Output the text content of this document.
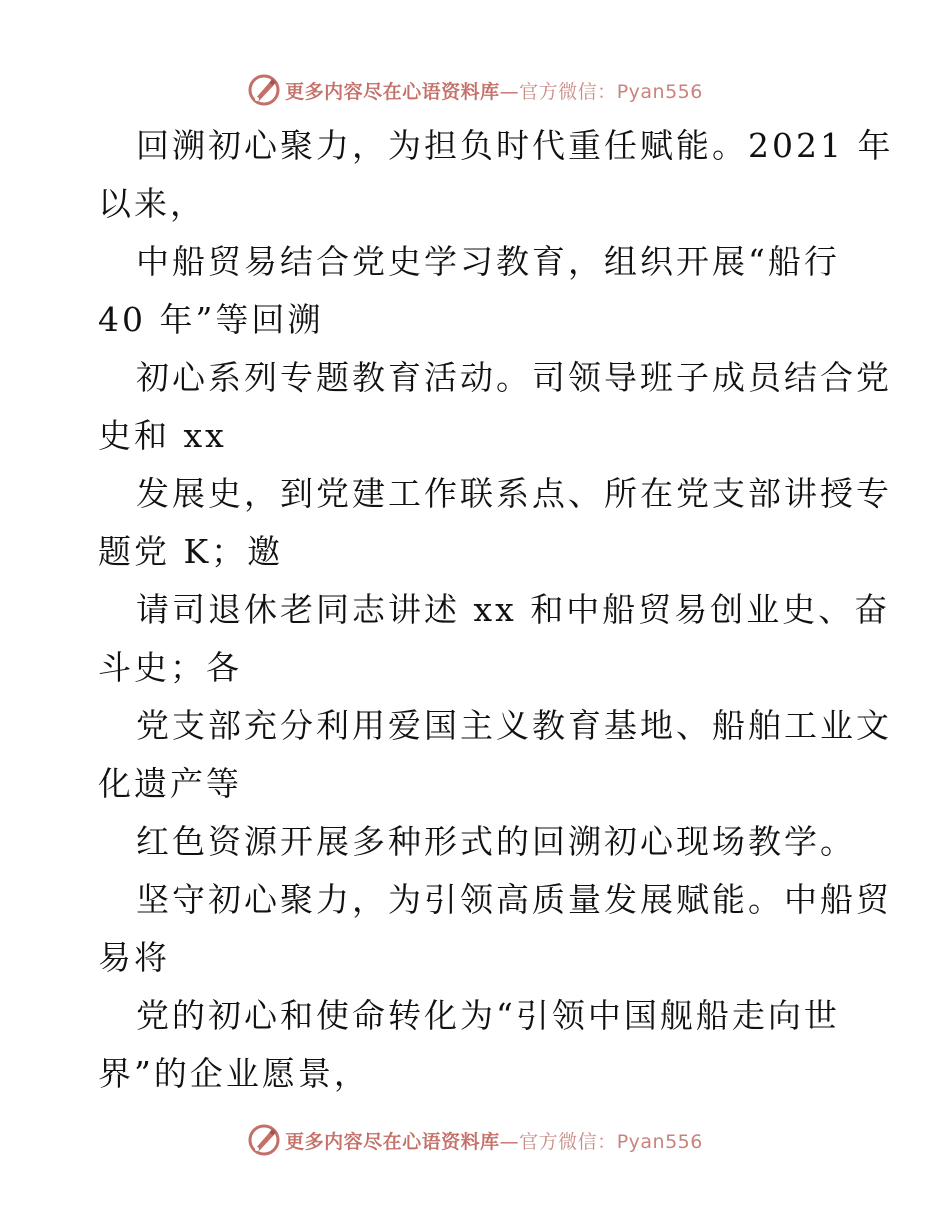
更多内容尽在心语资料库—官方微信：Pyan556
回溯初心聚力，为担负时代重任赋能。2021 年
以来，
中船贸易结合党史学习教育，组织开展“船行
40 年”等回溯
初心系列专题教育活动。司领导班子成员结合党
史和 xx
发展史，到党建工作联系点、所在党支部讲授专
题党 K；邀
请司退休老同志讲述 xx 和中船贸易创业史、奋
斗史；各
党支部充分利用爱国主义教育基地、船舶工业文
化遗产等
红色资源开展多种形式的回溯初心现场教学。
坚守初心聚力，为引领高质量发展赋能。中船贸
易将
党的初心和使命转化为“引领中国舰船走向世
界”的企业愿景，
更多内容尽在心语资料库—官方微信：Pyan556
